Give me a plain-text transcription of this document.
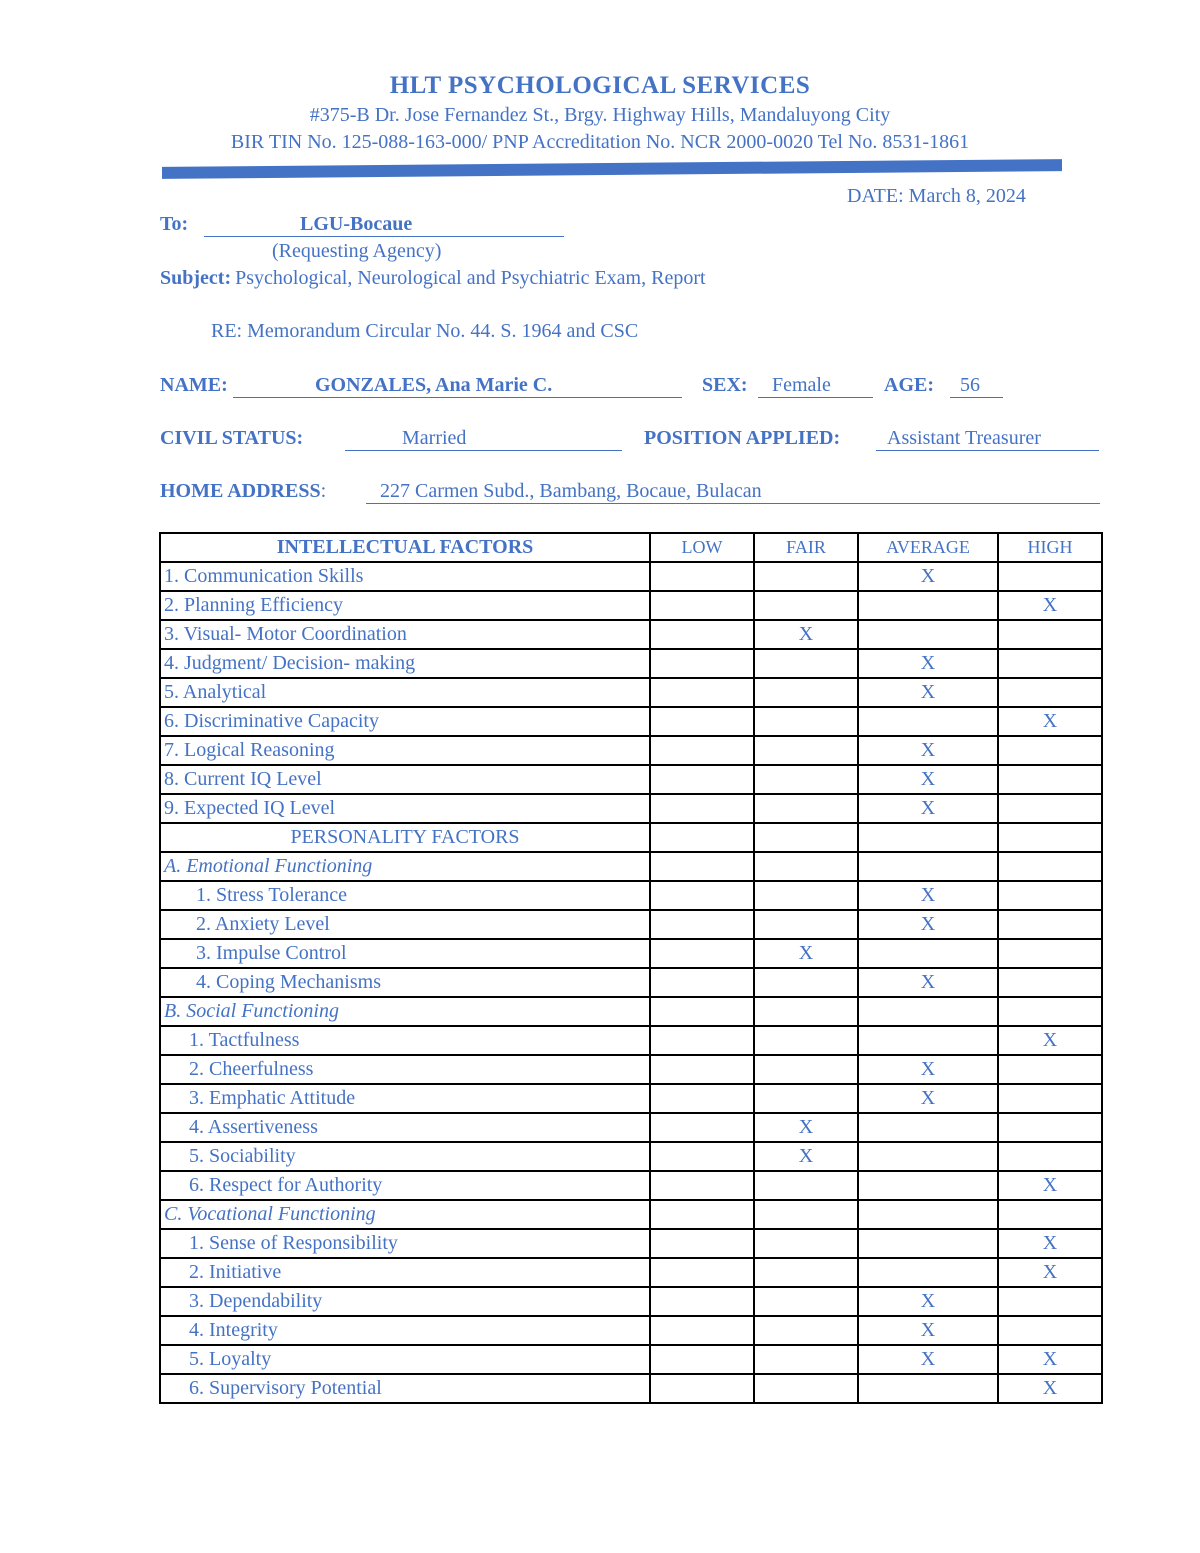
HLT PSYCHOLOGICAL SERVICES
#375-B Dr. Jose Fernandez St., Brgy. Highway Hills, Mandaluyong City
BIR TIN No. 125-088-163-000/ PNP Accreditation No. NCR 2000-0020 Tel No. 8531-1861
DATE: March 8, 2024
To:	LGU-Bocaue
(Requesting Agency)
Subject: Psychological, Neurological and Psychiatric Exam, Report
RE: Memorandum Circular No. 44. S. 1964 and CSC
NAME:	GONZALES, Ana Marie C.	SEX:	Female	AGE:	56
CIVIL STATUS:	Married	POSITION APPLIED:	Assistant Treasurer
HOME ADDRESS:	227 Carmen Subd., Bambang, Bocaue, Bulacan
INTELLECTUAL FACTORS	LOW	FAIR	AVERAGE	HIGH
1. Communication Skills			X	
2. Planning Efficiency				X
3. Visual- Motor Coordination		X		
4. Judgment/ Decision- making			X	
5. Analytical			X	
6. Discriminative Capacity				X
7. Logical Reasoning			X	
8. Current IQ Level			X	
9. Expected IQ Level			X	
PERSONALITY FACTORS				
A. Emotional Functioning				
1. Stress Tolerance			X	
2. Anxiety Level			X	
3. Impulse Control		X		
4. Coping Mechanisms			X	
B. Social Functioning				
1. Tactfulness				X
2. Cheerfulness			X	
3. Emphatic Attitude			X	
4. Assertiveness		X		
5. Sociability		X		
6. Respect for Authority				X
C. Vocational Functioning				
1. Sense of Responsibility				X
2. Initiative				X
3. Dependability			X	
4. Integrity			X	
5. Loyalty			X	X
6. Supervisory Potential				X
